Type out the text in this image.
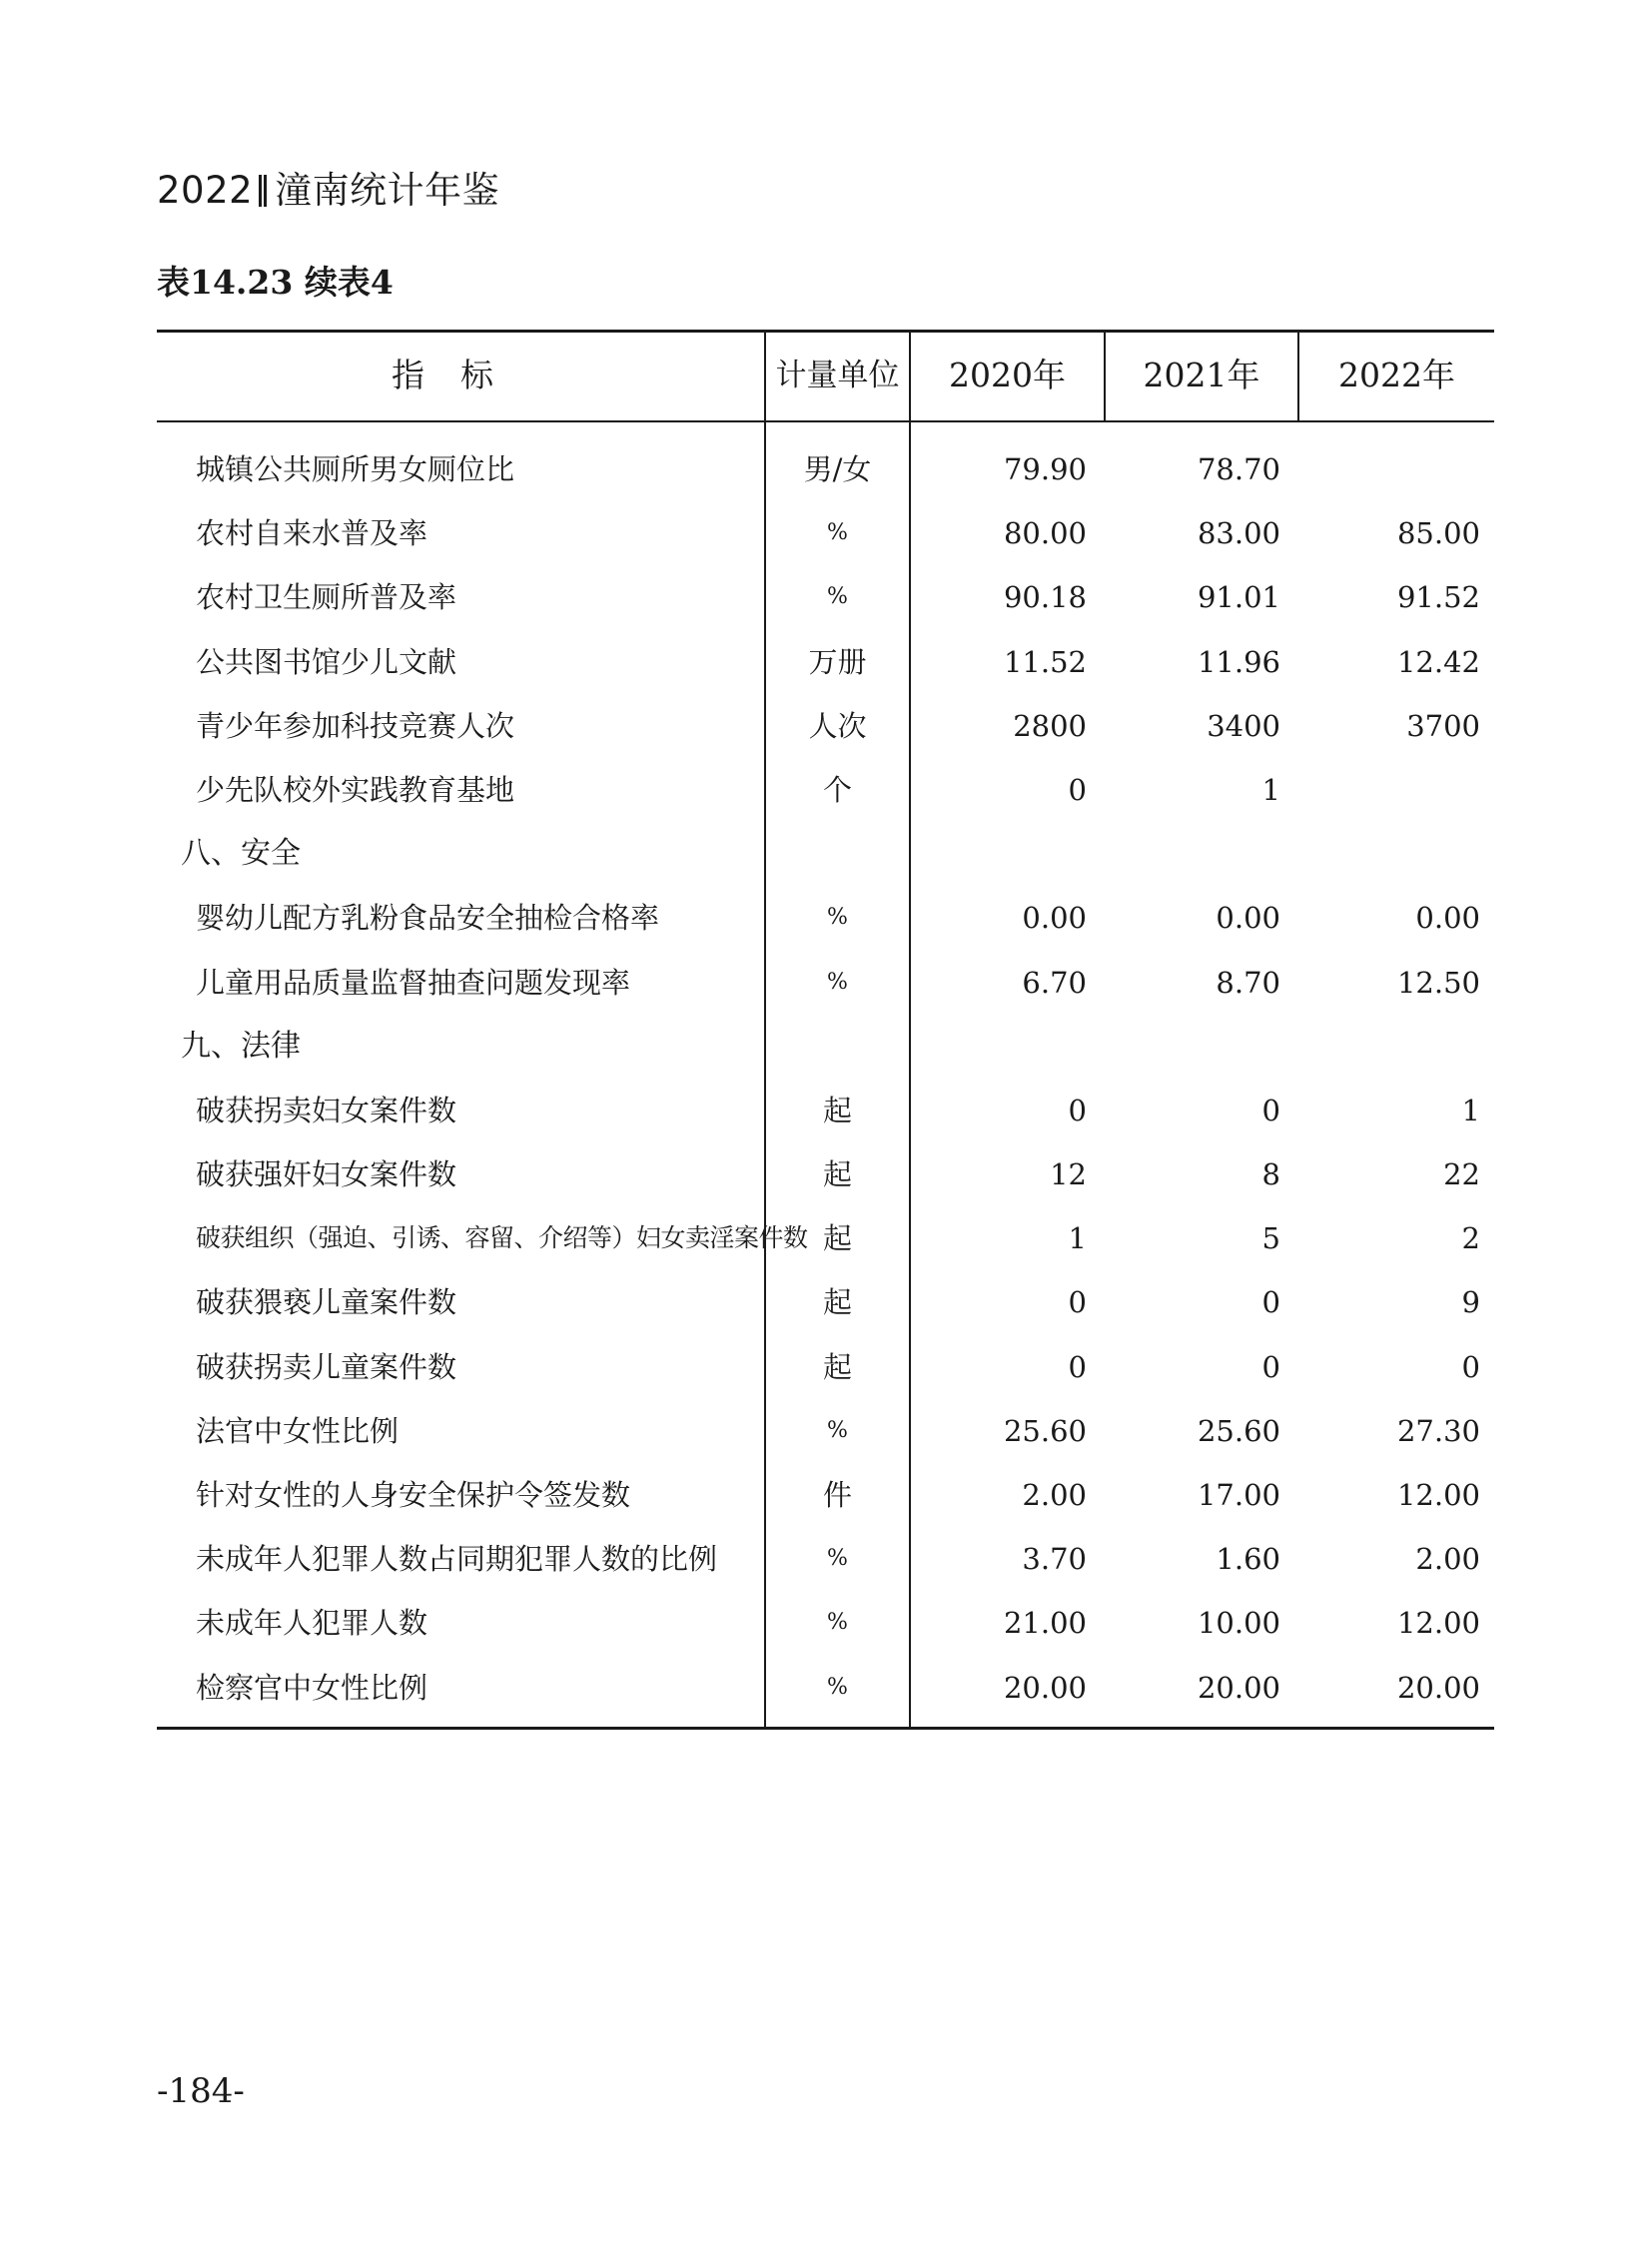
2022 潼南统计年鉴
表14.23 续表4
指标	计量单位	2020年	2021年	2022年
城镇公共厕所男女厕位比	男/女	79.90	78.70
农村自来水普及率	%	80.00	83.00	85.00
农村卫生厕所普及率	%	90.18	91.01	91.52
公共图书馆少儿文献	万册	11.52	11.96	12.42
青少年参加科技竞赛人次	人次	2800	3400	3700
少先队校外实践教育基地	个	0	1
八、安全
婴幼儿配方乳粉食品安全抽检合格率	%	0.00	0.00	0.00
儿童用品质量监督抽查问题发现率	%	6.70	8.70	12.50
九、法律
破获拐卖妇女案件数	起	0	0	1
破获强奸妇女案件数	起	12	8	22
破获组织（强迫、引诱、容留、介绍等）妇女卖淫案件数 起	1	5	2
破获猥亵儿童案件数	起	0	0	9
破获拐卖儿童案件数	起	0	0	0
法官中女性比例	%	25.60	25.60	27.30
针对女性的人身安全保护令签发数	件	2.00	17.00	12.00
未成年人犯罪人数占同期犯罪人数的比例	%	3.70	1.60	2.00
未成年人犯罪人数	%	21.00	10.00	12.00
检察官中女性比例	%	20.00	20.00	20.00
-184-
